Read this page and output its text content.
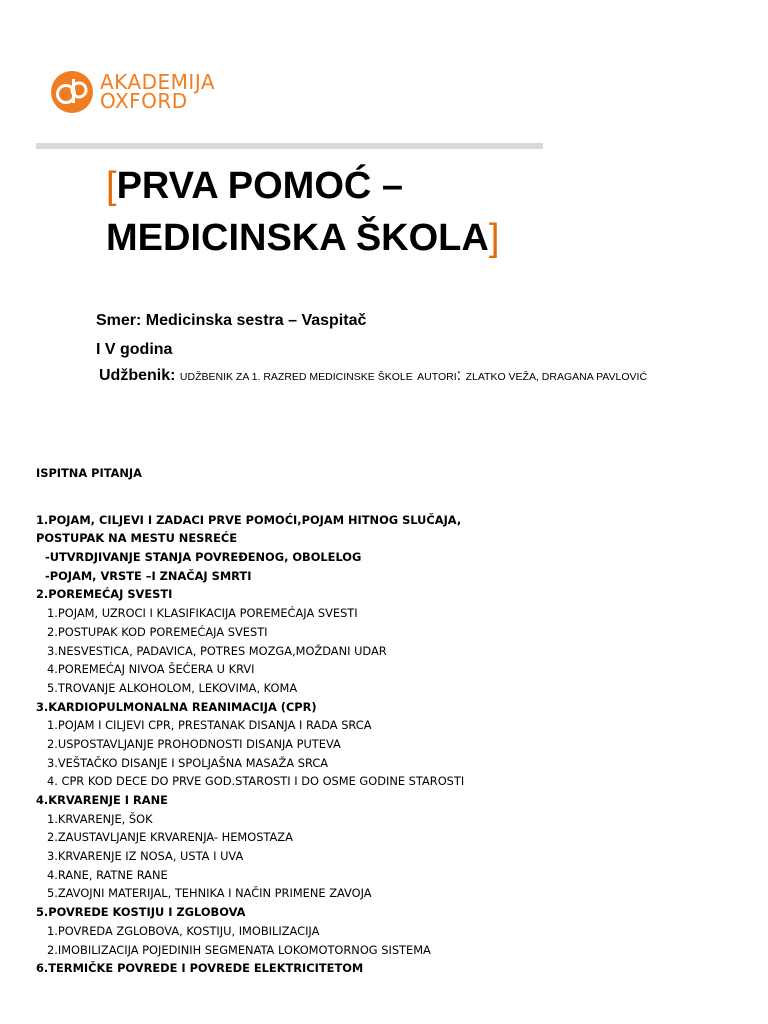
AKADEMIJA
OXFORD
[PRVA POMOĆ –
MEDICINSKA ŠKOLA]
Smer: Medicinska sestra – Vaspitač
I V godina
Udžbenik: UDŽBENIK ZA 1. RAZRED MEDICINSKE ŠKOLE AUTORI: ZLATKO VEŽA, DRAGANA PAVLOVIĆ
ISPITNA PITANJA
1.POJAM, CILJEVI I ZADACI PRVE POMOĆI,POJAM HITNOG SLUČAJA,
POSTUPAK NA MESTU NESREĆE
-UTVRDJIVANJE STANJA POVREĐENOG, OBOLELOG
-POJAM, VRSTE –I ZNAČAJ SMRTI
2.POREMEĆAJ SVESTI
1.POJAM, UZROCI I KLASIFIKACIJA POREMEĆAJA SVESTI
2.POSTUPAK KOD POREMEĆAJA SVESTI
3.NESVESTICA, PADAVICA, POTRES MOZGA,MOŽDANI UDAR
4.POREMEĆAJ NIVOA ŠEĆERA U KRVI
5.TROVANJE ALKOHOLOM, LEKOVIMA, KOMA
3.KARDIOPULMONALNA REANIMACIJA (CPR)
1.POJAM I CILJEVI CPR, PRESTANAK DISANJA I RADA SRCA
2.USPOSTAVLJANJE PROHODNOSTI DISANJA PUTEVA
3.VEŠTAČKO DISANJE I SPOLJAŠNA MASAŽA SRCA
4. CPR KOD DECE DO PRVE GOD.STAROSTI I DO OSME GODINE STAROSTI
4.KRVARENJE I RANE
1.KRVARENJE, ŠOK
2.ZAUSTAVLJANJE KRVARENJA- HEMOSTAZA
3.KRVARENJE IZ NOSA, USTA I UVA
4.RANE, RATNE RANE
5.ZAVOJNI MATERIJAL, TEHNIKA I NAČIN PRIMENE ZAVOJA
5.POVREDE KOSTIJU I ZGLOBOVA
1.POVREDA ZGLOBOVA, KOSTIJU, IMOBILIZACIJA
2.IMOBILIZACIJA POJEDINIH SEGMENATA LOKOMOTORNOG SISTEMA
6.TERMIČKE POVREDE I POVREDE ELEKTRICITETOM
